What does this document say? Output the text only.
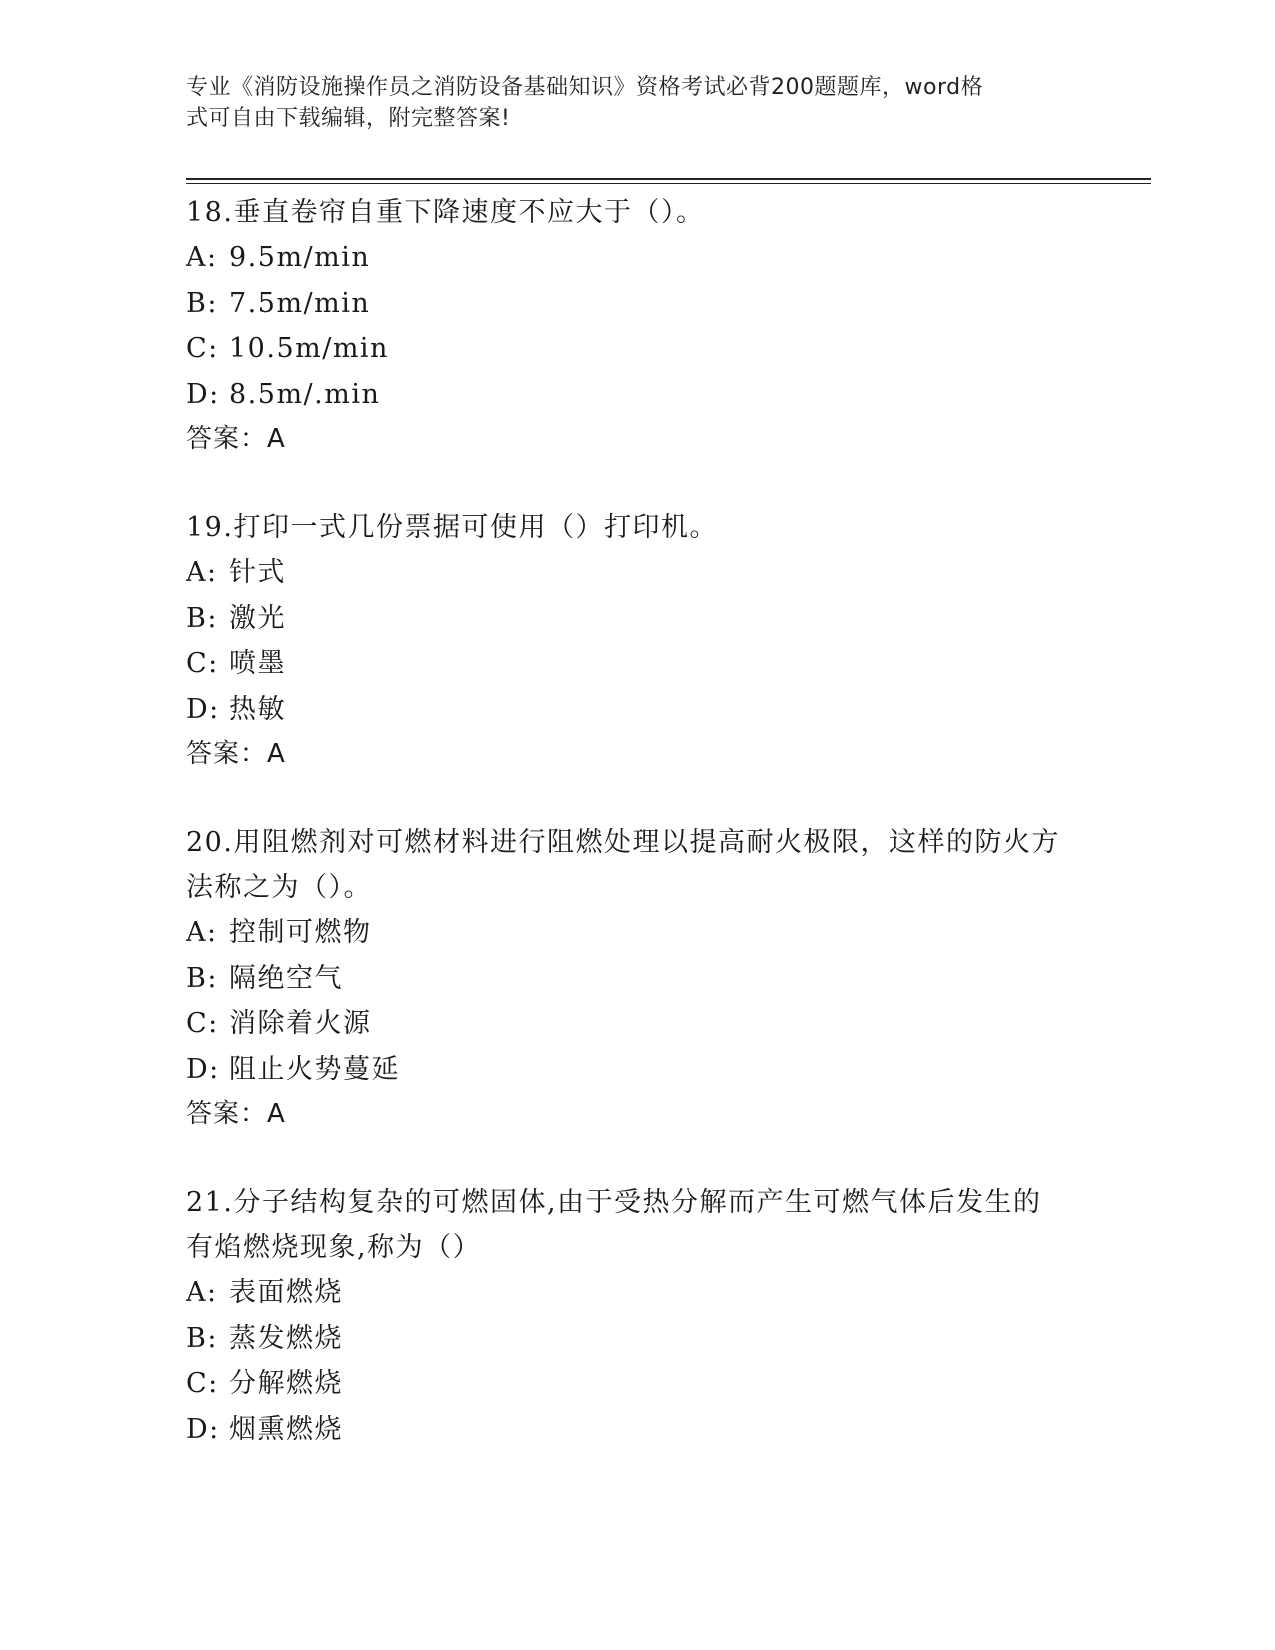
专业《消防设施操作员之消防设备基础知识》资格考试必背200题题库，word格
式可自由下载编辑，附完整答案!

18.垂直卷帘自重下降速度不应大于（）。

A: 9.5m/min

B: 7.5m/min

C: 10.5m/min

D: 8.5m/.min

答案：A

19.打印一式几份票据可使用（）打印机。

A: 针式

B: 激光

C: 喷墨

D: 热敏

答案：A

20.用阻燃剂对可燃材料进行阻燃处理以提高耐火极限，这样的防火方

法称之为（）。

A: 控制可燃物

B: 隔绝空气

C: 消除着火源

D: 阻止火势蔓延

答案：A

21.分子结构复杂的可燃固体,由于受热分解而产生可燃气体后发生的

有焰燃烧现象,称为（）

A: 表面燃烧

B: 蒸发燃烧

C: 分解燃烧

D: 烟熏燃烧
